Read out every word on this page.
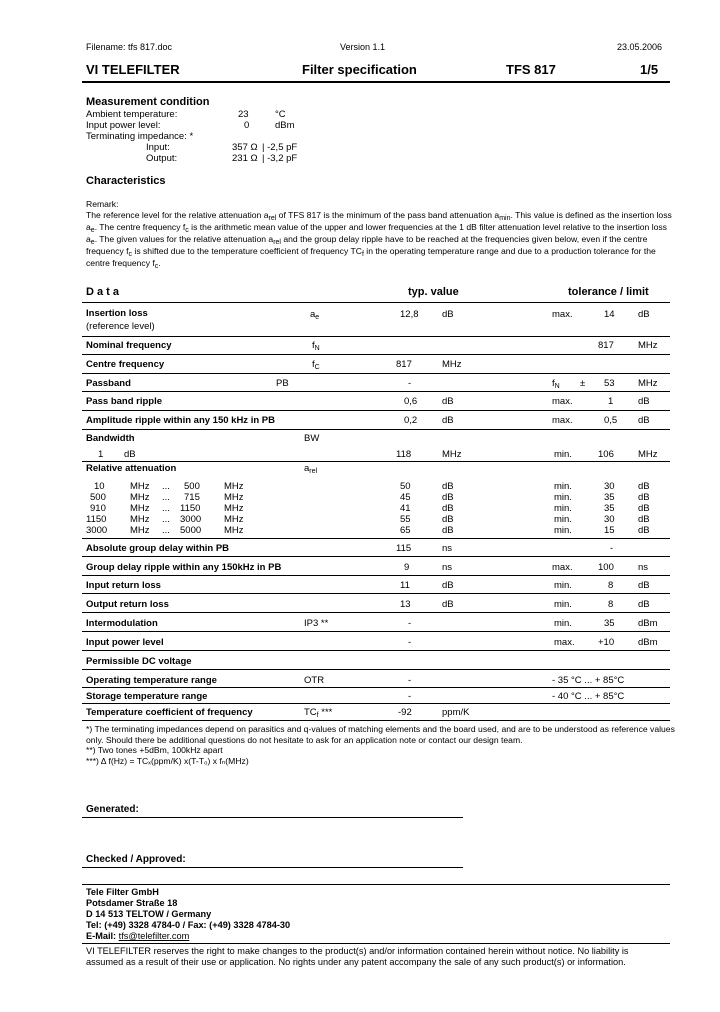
Filename: tfs 817.doc	Version 1.1	23.05.2006
VI TELEFILTER	Filter specification	TFS 817	1/5
Measurement condition
Ambient temperature:	23	°C
Input power level:	0	dBm
Terminating impedance: *
Input:	357 Ω | -2,5 pF
Output:	231 Ω | -3,2 pF
Characteristics
Remark:
The reference level for the relative attenuation $a_{rel}$ of TFS 817 is the minimum of the pass band attenuation $a_{min}$. This value is defined as the insertion loss
$a_e$. The centre frequency $f_c$ is the arithmetic mean value of the upper and lower frequencies at the 1 dB filter attenuation level relative to the insertion loss
$a_e$. The given values for the relative attenuation $a_{rel}$ and the group delay ripple have to be reached at the frequencies given below, even if the centre
frequency $f_c$ is shifted due to the temperature coefficient of frequency $TC_f$ in the operating temperature range and due to a production tolerance for the
centre frequency $f_c$.
D a t a	typ. value	tolerance / limit
Insertion loss
(reference level)
$a_e$	12,8 dB	max.	14 dB
Nominal frequency	$f_N$	817	MHz
Centre frequency	$f_C$	817	MHz
Passband	PB	-	$f_N \pm 53$ MHz
Pass band ripple	0,6	dB	max.	1	dB
Amplitude ripple within any 150 kHz in PB	0,2	dB	max.	0,5 dB
Bandwidth	BW
1 dB	118	MHz	min.	106	MHz
Relative attenuation	$a_{rel}$
10	MHz ... 500	MHz	50	dB	min.	30 dB
500	MHz ... 715	MHz	45	dB	min.	35 dB
910	MHz ... 1150 MHz	41	dB	min.	35 dB
1150 MHz ... 3000 MHz	55	dB	min.	30 dB
3000 MHz ... 5000 MHz	65	dB	min.	15 dB
Absolute group delay within PB	115	ns	-
Group delay ripple within any 150kHz in PB	9	ns	max.	100	ns
Input return loss	11	dB	min.	8	dB
Output return loss	13	dB	min.	8	dB
Intermodulation	IP3 **	-	min.	35 dBm
Input power level	-	max. +10	dBm
Permissible DC voltage
Operating temperature range	OTR	-	- 35 °C ... + 85°C
Storage temperature range	-	- 40 °C ... + 85°C
Temperature coefficient of frequency	$TC_f$ ***	-92	ppm/K
*) The terminating impedances depend on parasitics and q-values of matching elements and the board used, and are to be understood as reference values
only. Should there be additional questions do not hesitate to ask for an application note or contact our design team.
**) Two tones +5dBm, 100kHz apart
***) Δ f(Hz) = TCₓ(ppm/K) x(T-T₀) x fₙ(MHz)
Generated:
Checked / Approved:
Tele Filter GmbH
Potsdamer Straße 18
D 14 513 TELTOW / Germany
Tel: (+49) 3328 4784-0 / Fax: (+49) 3328 4784-30
E-Mail: tfs@telefilter.com
VI TELEFILTER reserves the right to make changes to the product(s) and/or information contained herein without notice. No liability is
assumed as a result of their use or application. No rights under any patent accompany the sale of any such product(s) or information.
